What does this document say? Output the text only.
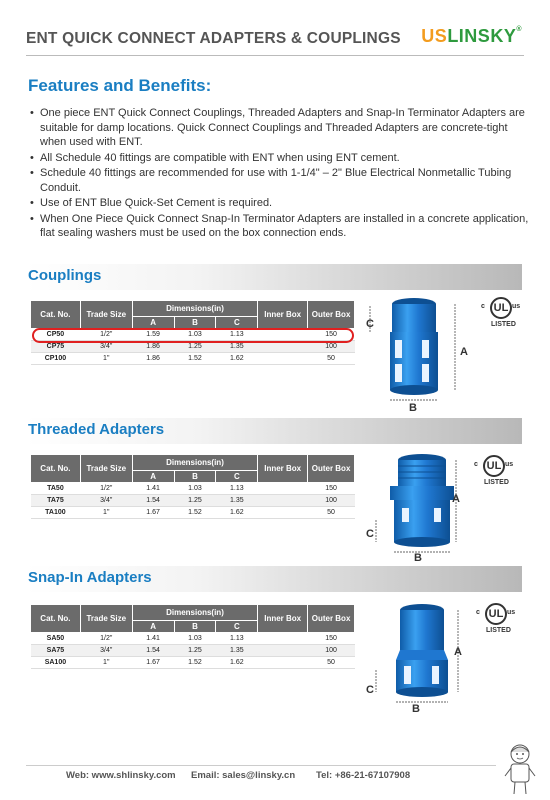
ENT QUICK CONNECT ADAPTERS & COUPLINGS USLINSKY®
Features and Benefits:
• One piece ENT Quick Connect Couplings, Threaded Adapters and Snap-In Terminator Adapters are suitable for damp locations. Quick Connect Couplings and Threaded Adapters are concrete-tight when used with ENT.
• All Schedule 40 fittings are compatible with ENT when using ENT cement.
• Schedule 40 fittings are recommended for use with 1-1/4" – 2" Blue Electrical Nonmetallic Tubing Conduit.
• Use of ENT Blue Quick-Set Cement is required.
• When One Piece Quick Connect Snap-In Terminator Adapters are installed in a concrete application, flat sealing washers must be used on the box connection ends.
Couplings
Cat. No.	Trade Size	Dimensions(in)			Inner Box	Outer Box
		A	B	C		
CP50	1/2"	1.59	1.03	1.13		150
CP75	3/4"	1.86	1.25	1.35		100
CP100	1"	1.86	1.52	1.62		50
C
A
B
c UL us
LISTED
Threaded Adapters
Cat. No.	Trade Size	Dimensions(in)			Inner Box	Outer Box
		A	B	C		
TA50	1/2"	1.41	1.03	1.13		150
TA75	3/4"	1.54	1.25	1.35		100
TA100	1"	1.67	1.52	1.62		50
C
A
B
c UL us
LISTED
Snap-In Adapters
Cat. No.	Trade Size	Dimensions(in)			Inner Box	Outer Box
		A	B	C		
SA50	1/2"	1.41	1.03	1.13		150
SA75	3/4"	1.54	1.25	1.35		100
SA100	1"	1.67	1.52	1.62		50
C
A
B
c UL us
LISTED
Web: www.shlinsky.com Email: sales@linsky.cn Tel: +86-21-67107908
